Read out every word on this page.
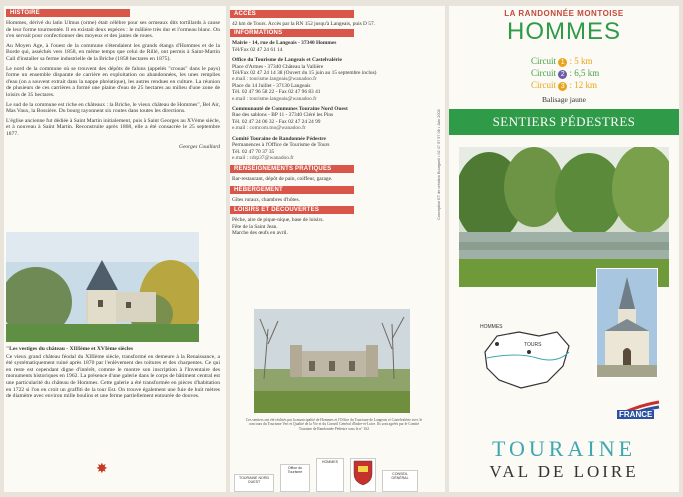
HISTOIRE

Hommes, dérivé du latin Ulmus (orme) était célèbre pour ses ormeaux dits tortillards à cause de leur forme tourmentée. Il en existait deux espèces : le mâlière très dur et l'ormeau blanc. On s'en servait pour confectionner des moyeux et des jantes de roues.

Au Moyen Age, à l'ouest de la commune s'étendaient les grands étangs d'Hommes et de la Borde qui, asséchés vers 1858, en même temps que celui de Rillé, ont permis à Saint-Martin Cail d'installer sa ferme industrielle de la Briche (1858 hectares en 1875).

Le nord de la commune où se trouvent des dépôts de faluns (appelés "crouas" dans le pays) forme un ensemble disparate de carrière en exploitation ou abandonnées, les unes remplies d'eau (on a souvent extrait dans la nappe phréatique), les autres rendues en culture. La réunion de plusieurs de ces carrières a formé une plaine d'eau de 25 hectares au milieu d'une zone de loisirs de 35 hectares.

Le sud de la commune est riche en châteaux : la Briche, le vieux château de Hommes", Bel Air, Mas Vaux, la Bossière. Du bourg rayonnent six routes dans toutes les directions.

L'église ancienne fut dédiée à Saint Martin initialement, puis à Saint Georges au XVème siècle, et à nouveau à Saint Martin. Reconstruite après 1868, elle a été consacrée le 25 septembre 1877.

Georges Couillard

"Les vestiges du château - XIIIème et XVIème siècles

Ce vieux grand château féodal du XIIIème siècle, transformé en demeure à la Renaissance, a été systématiquement ruiné après 1870 par l'enlèvement des toitures et des charpentes. Ce qui en reste est cependant digne d'intérêt, comme le montre son inscription à l'Inventaire des monuments historiques en 1962. La présence d'une galerie dans le corps de bâtiment central est une particularité du château de Hommes. Cette galerie a été transformée en pièces d'habitation en 1722 si l'on en croit un graffiti de la tour Est. On trouve également une fuie de huit mètres de diamètre avec environ mille boulins et une ferme partiellement entourée de douves.

✸
ACCÈS
42 km de Tours. Accès par la RN 152 jusqu'à Langeais, puis D 57.
INFORMATIONS
Mairie - 14, rue de Langeais - 37340 Hommes
Tél/Fax 02 47 24 61 14
Office du Tourisme de Langeais et Castelvalérie
Place d'Armes - 37340 Château la Vallière
Tél/Fax 02 47 24 14 38 (Ouvert du 15 juin au 15 septembre inclus)
e.mail : tourisme.langeais@wanadoo.fr
Place du 14 Juillet - 37130 Langeais
Tél. 02 47 96 58 22 - Fax 02 47 96 83 41
e.mail : tourisme.langeais@wanadoo.fr
Communauté de Communes Touraine Nord Ouest
Rue des sablons - BP 11 - 37340 Cléré les Pins
Tél. 02 47 24 06 32 - Fax 02 47 24 24 99
e.mail : comcom.tno@wanadoo.fr
Comité Touraine de Randonnée Pédestre
Permanences à l'Office de Tourisme de Tours
Tél. 02 47 70 37 35
e.mail : cdrp37@wanadoo.fr
RENSEIGNEMENTS PRATIQUES
Bar-restaurant, dépôt de pain, coiffeur, garage.
HÉBERGEMENT
Gîtes ruraux, chambres d'hôtes.
LOISIRS ET DÉCOUVERTES
Pêche, aire de pique-nique, base de loisirs.
Fête de la Saint Jean.
Marche des œufs en avril.
Ces sentiers ont été réalisés par la municipalité de Hommes et l'Office du Tourisme de Langeais et Castelvalérie avec le concours du Tourisme Vert et Qualité de la Vie et du Conseil Général d'Indre-et-Loire. Ils sont agréés par le Comité Touraine de Randonnée Pédestre sous le n° 162
TOURAINE NORD OUEST
Office du Tourisme
HOMMES
CONSEIL GÉNÉRAL
Conception ET de création Bourgueil • 02 47 97 97 08 • Juin 2003
LA RANDONNÉE MONTOISE
HOMMES
Circuit 1 : 5 km
Circuit 2 : 6,5 km
Circuit 3 : 12 km
Balisage jaune
SENTIERS PÉDESTRES
HOMMES
TOURS
FRANCE
TOURAINE
VAL DE LOIRE
